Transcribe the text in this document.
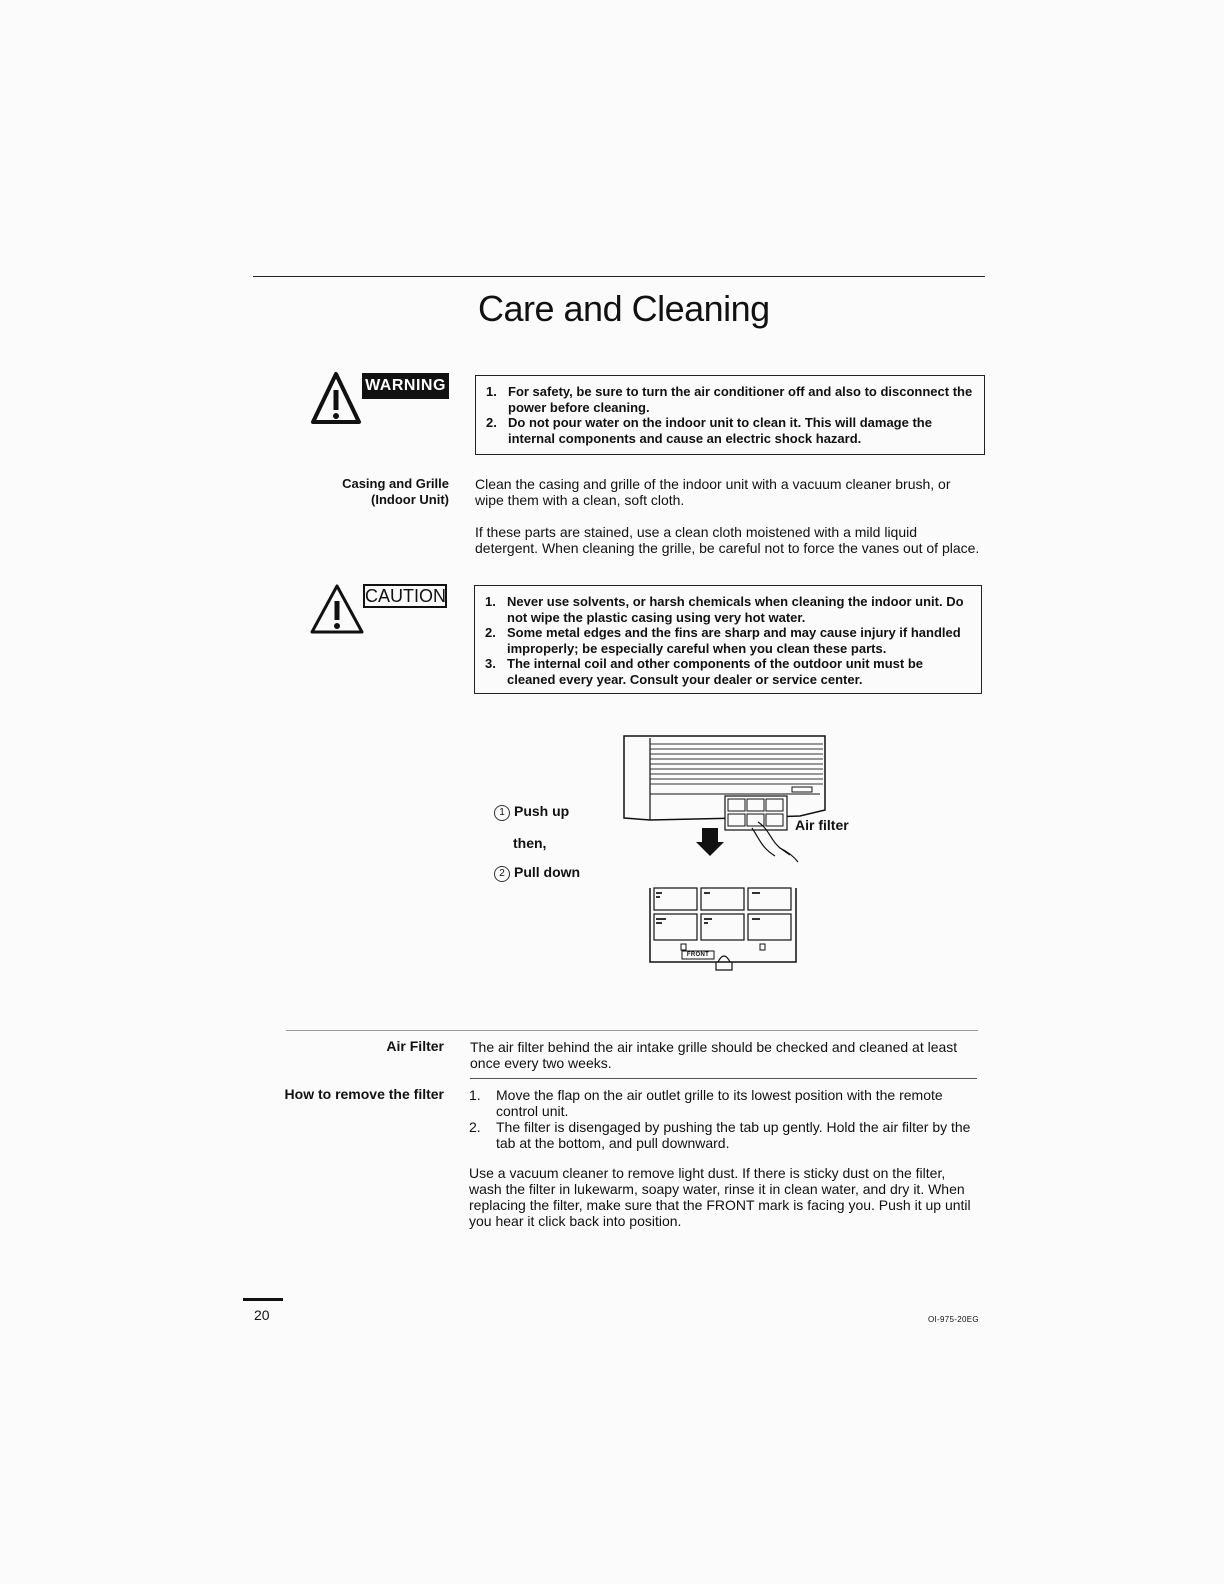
Care and Cleaning
WARNING	1. For safety, be sure to turn the air conditioner off and also to disconnect the power before cleaning.
2. Do not pour water on the indoor unit to clean it. This will damage the internal components and cause an electric shock hazard.
Casing and Grille
(Indoor Unit)

Clean the casing and grille of the indoor unit with a vacuum cleaner brush, or wipe them with a clean, soft cloth.

If these parts are stained, use a clean cloth moistened with a mild liquid detergent. When cleaning the grille, be careful not to force the vanes out of place.

CAUTION	1. Never use solvents, or harsh chemicals when cleaning the indoor unit. Do not wipe the plastic casing using very hot water.
2. Some metal edges and the fins are sharp and may cause injury if handled improperly; be especially careful when you clean these parts.
3. The internal coil and other components of the outdoor unit must be cleaned every year. Consult your dealer or service center.
1 Push up
then,
2 Pull down
Air filter
FRONT
Air Filter The air filter behind the air intake grille should be checked and cleaned at least once every two weeks.

How to remove the filter 1. Move the flap on the air outlet grille to its lowest position with the remote control unit.
2. The filter is disengaged by pushing the tab up gently. Hold the air filter by the tab at the bottom, and pull downward.

Use a vacuum cleaner to remove light dust. If there is sticky dust on the filter, wash the filter in lukewarm, soapy water, rinse it in clean water, and dry it. When replacing the filter, make sure that the FRONT mark is facing you. Push it up until you hear it click back into position.

20	OI-975-20EG
